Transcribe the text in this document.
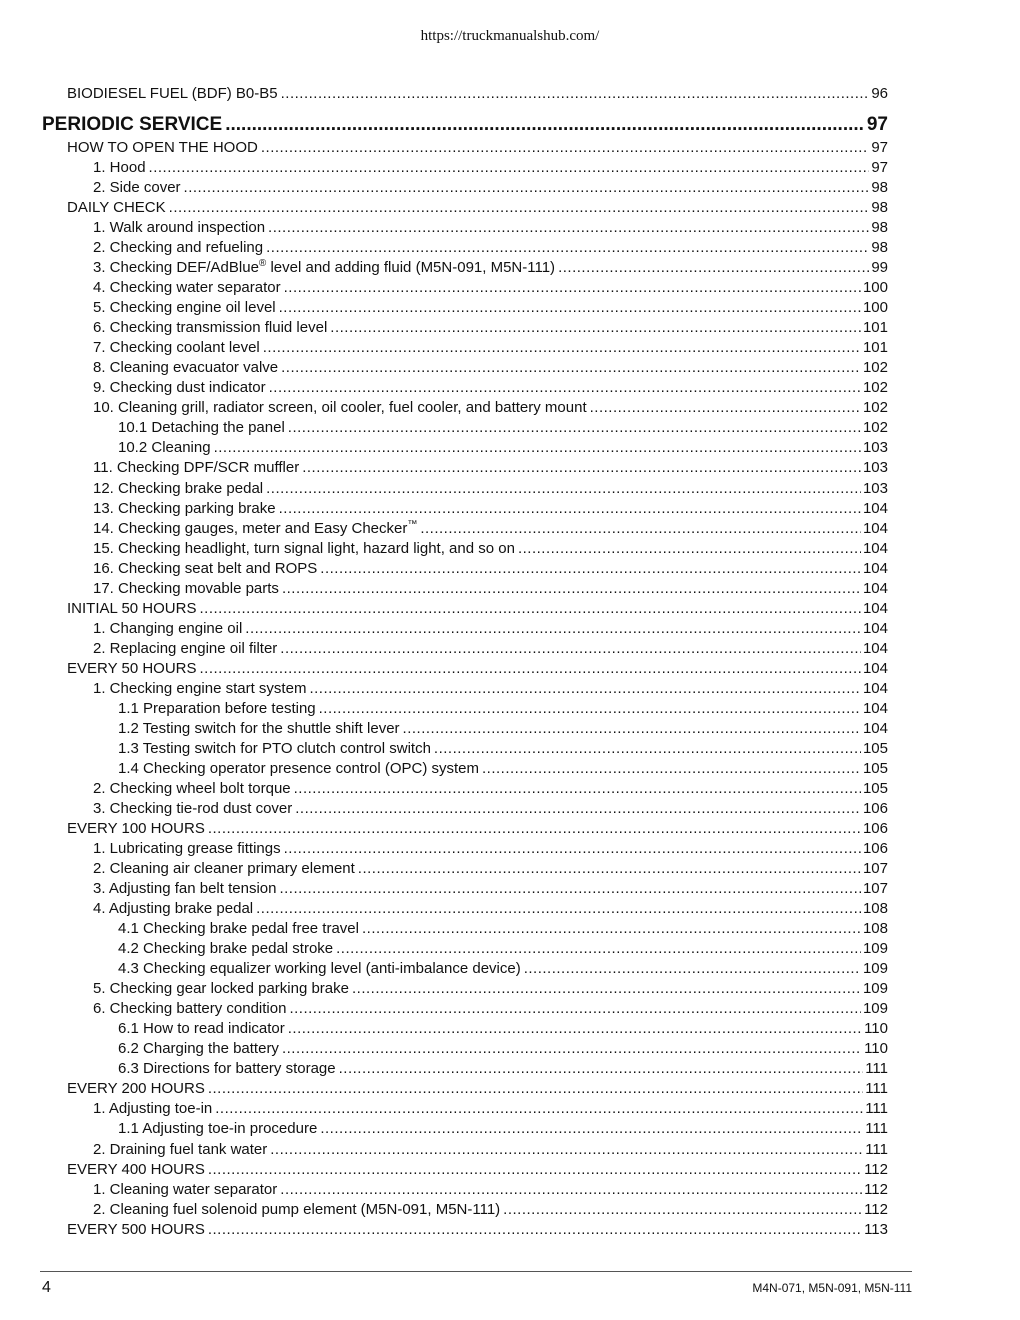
https://truckmanualshub.com/
BIODIESEL FUEL (BDF) B0-B5 .....	96
PERIODIC SERVICE .....	97
HOW TO OPEN THE HOOD .....	97
1. Hood .....	97
2. Side cover .....	98
DAILY CHECK .....	98
1. Walk around inspection .....	98
2. Checking and refueling .....	98
3. Checking DEF/AdBlue® level and adding fluid (M5N-091, M5N-111) .....	99
4. Checking water separator .....	100
5. Checking engine oil level .....	100
6. Checking transmission fluid level .....	101
7. Checking coolant level .....	101
8. Cleaning evacuator valve .....	102
9. Checking dust indicator .....	102
10. Cleaning grill, radiator screen, oil cooler, fuel cooler, and battery mount .....	102
10.1 Detaching the panel .....	102
10.2 Cleaning .....	103
11. Checking DPF/SCR muffler .....	103
12. Checking brake pedal .....	103
13. Checking parking brake .....	104
14. Checking gauges, meter and Easy Checker™ .....	104
15. Checking headlight, turn signal light, hazard light, and so on .....	104
16. Checking seat belt and ROPS .....	104
17. Checking movable parts .....	104
INITIAL 50 HOURS .....	104
1. Changing engine oil .....	104
2. Replacing engine oil filter .....	104
EVERY 50 HOURS .....	104
1. Checking engine start system .....	104
1.1 Preparation before testing .....	104
1.2 Testing switch for the shuttle shift lever .....	104
1.3 Testing switch for PTO clutch control switch .....	105
1.4 Checking operator presence control (OPC) system .....	105
2. Checking wheel bolt torque .....	105
3. Checking tie-rod dust cover .....	106
EVERY 100 HOURS .....	106
1. Lubricating grease fittings .....	106
2. Cleaning air cleaner primary element .....	107
3. Adjusting fan belt tension .....	107
4. Adjusting brake pedal .....	108
4.1 Checking brake pedal free travel .....	108
4.2 Checking brake pedal stroke .....	109
4.3 Checking equalizer working level (anti-imbalance device) .....	109
5. Checking gear locked parking brake .....	109
6. Checking battery condition .....	109
6.1 How to read indicator .....	110
6.2 Charging the battery .....	110
6.3 Directions for battery storage .....	111
EVERY 200 HOURS .....	111
1. Adjusting toe-in .....	111
1.1 Adjusting toe-in procedure .....	111
2. Draining fuel tank water .....	111
EVERY 400 HOURS .....	112
1. Cleaning water separator .....	112
2. Cleaning fuel solenoid pump element (M5N-091, M5N-111) .....	112
EVERY 500 HOURS .....	113
4	M4N-071, M5N-091, M5N-111
